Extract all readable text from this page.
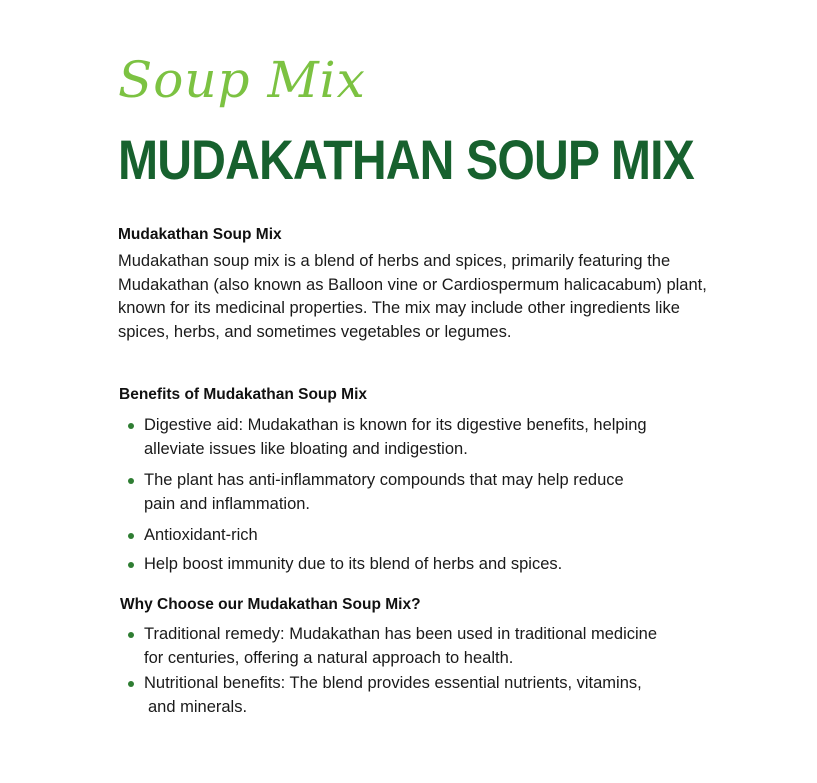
Soup Mix
MUDAKATHAN SOUP MIX
Mudakathan Soup Mix
Mudakathan soup mix is a blend of herbs and spices, primarily featuring the Mudakathan (also known as Balloon vine or Cardiospermum halicacabum) plant, known for its medicinal properties. The mix may include other ingredients like spices, herbs, and sometimes vegetables or legumes.
Benefits of Mudakathan Soup Mix
Digestive aid: Mudakathan is known for its digestive benefits, helping
alleviate issues like bloating and indigestion.
The plant has anti-inflammatory compounds that may help reduce
pain and inflammation.
Antioxidant-rich
Help boost immunity due to its blend of herbs and spices.
Why Choose our Mudakathan Soup Mix?
Traditional remedy: Mudakathan has been used in traditional medicine
for centuries, offering a natural approach to health.
Nutritional benefits: The blend provides essential nutrients, vitamins,
and minerals.
